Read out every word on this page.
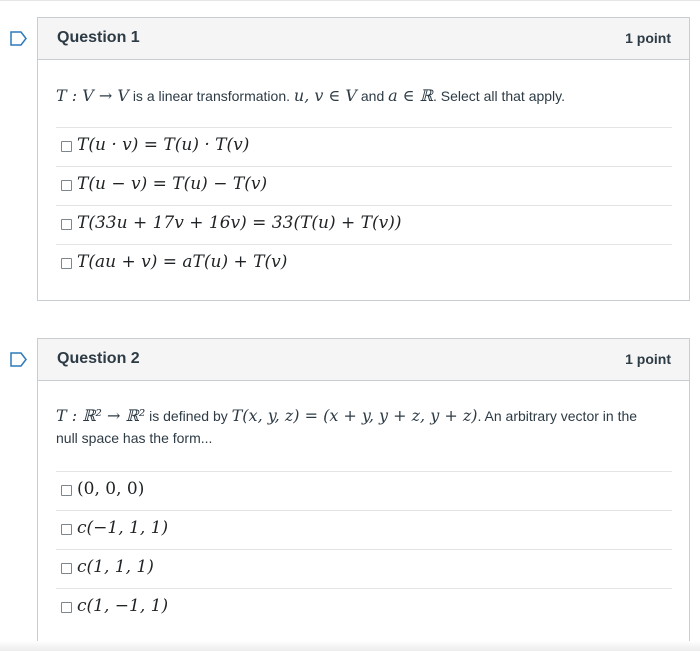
Question 1	1 point
T : V → V is a linear transformation. u, v ∈ V and a ∈ ℝ. Select all that apply.
T(u · v) = T(u) · T(v)
T(u − v) = T(u) − T(v)
T(33u + 17v + 16v) = 33(T(u) + T(v))
T(au + v) = aT(u) + T(v)
Question 2	1 point
T : ℝ² → ℝ² is defined by T(x, y, z) = (x + y, y + z, y + z). An arbitrary vector in the
null space has the form...
(0, 0, 0)
c(−1, 1, 1)
c(1, 1, 1)
c(1, −1, 1)
